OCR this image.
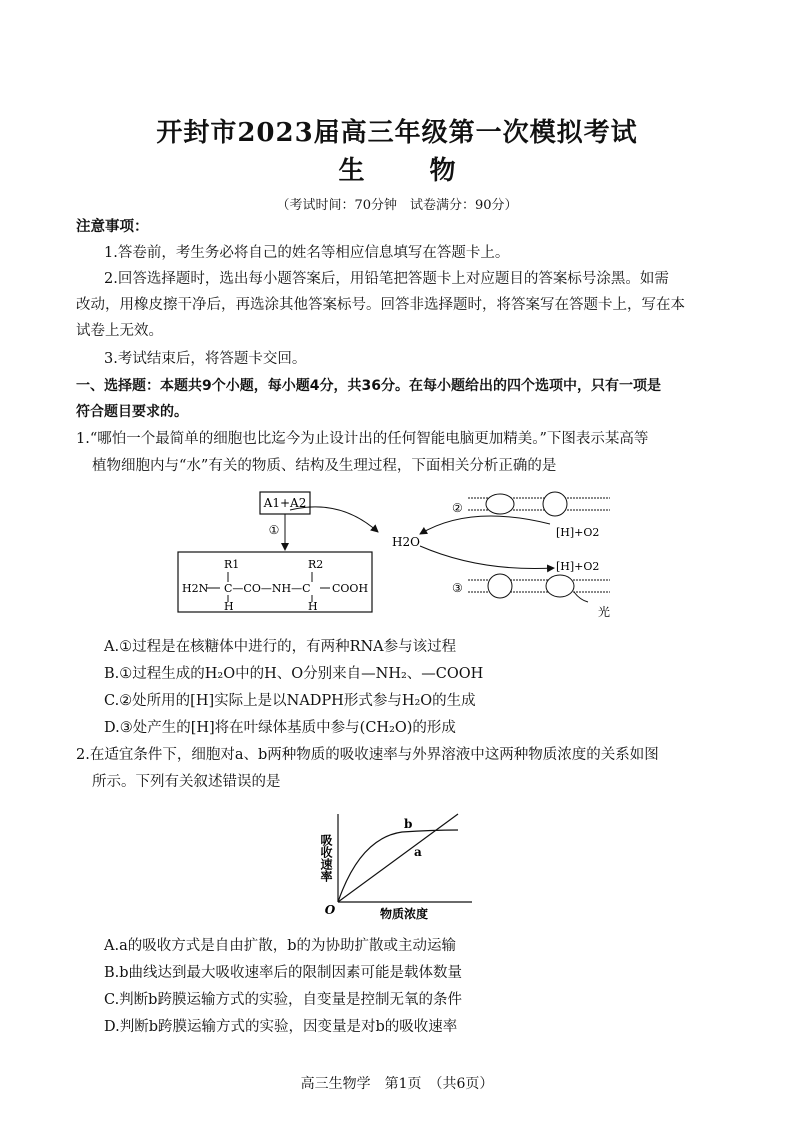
开封市2023届高三年级第一次模拟考试
生 物
（考试时间：70分钟　试卷满分：90分）
注意事项：
1.答卷前，考生务必将自己的姓名等相应信息填写在答题卡上。
2.回答选择题时，选出每小题答案后，用铅笔把答题卡上对应题目的答案标号涂黑。如需
改动，用橡皮擦干净后，再选涂其他答案标号。回答非选择题时，将答案写在答题卡上，写在本
试卷上无效。
3.考试结束后，将答题卡交回。
一、选择题：本题共9个小题，每小题4分，共36分。在每小题给出的四个选项中，只有一项是
符合题目要求的。
1.“哪怕一个最简单的细胞也比迄今为止设计出的任何智能电脑更加精美。”下图表示某高等
植物细胞内与“水”有关的物质、结构及生理过程，下面相关分析正确的是
A1+A2
①
R1	R2
H2N C—CO—NH—C COOH
H	H
H2O
[H]+O2
[H]+O2
②
③
光
A.①过程是在核糖体中进行的，有两种RNA参与该过程
B.①过程生成的H₂O中的H、O分别来自—NH₂、—COOH
C.②处所用的[H]实际上是以NADPH形式参与H₂O的生成
D.③处产生的[H]将在叶绿体基质中参与(CH₂O)的形成
2.在适宜条件下，细胞对a、b两种物质的吸收速率与外界溶液中这两种物质浓度的关系如图
所示。下列有关叙述错误的是
O
吸收速率
物质浓度
a
b
A.a的吸收方式是自由扩散，b的为协助扩散或主动运输
B.b曲线达到最大吸收速率后的限制因素可能是载体数量
C.判断b跨膜运输方式的实验，自变量是控制无氧的条件
D.判断b跨膜运输方式的实验，因变量是对b的吸收速率
高三生物学　第1页　（共6页）
